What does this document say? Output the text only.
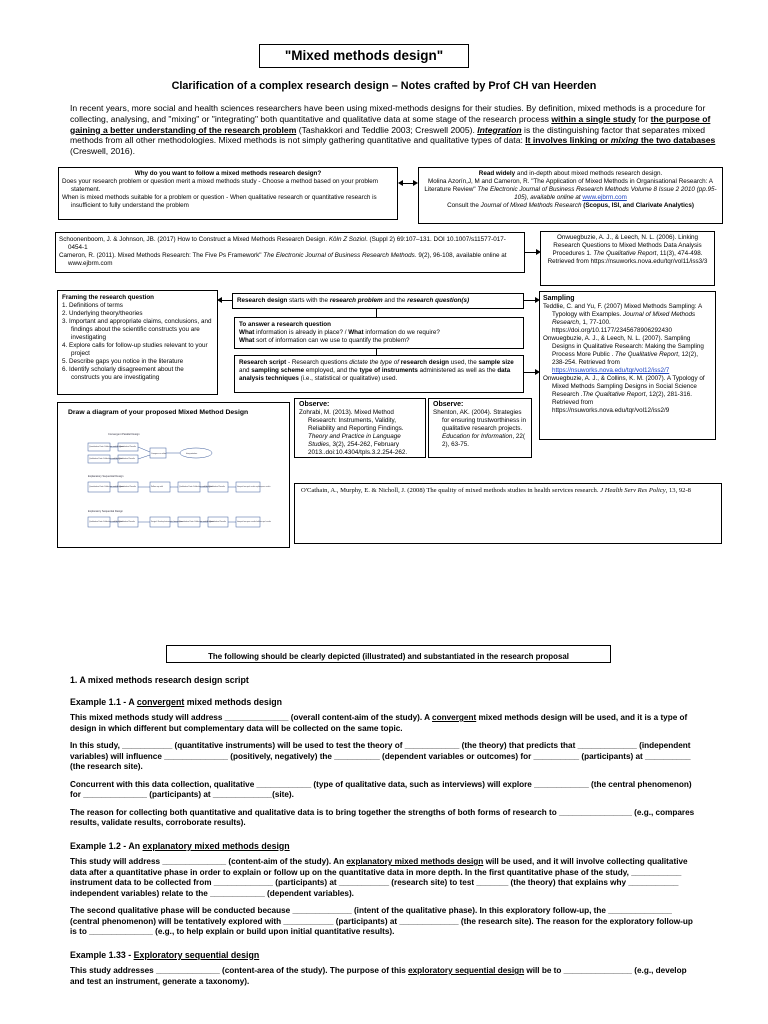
"Mixed methods design"
Clarification of a complex research design – Notes crafted by Prof CH van Heerden
In recent years, more social and health sciences researchers have been using mixed-methods designs for their studies. By definition, mixed methods is a procedure for collecting, analysing, and "mixing" or "integrating" both quantitative and qualitative data at some stage of the research process within a single study for the purpose of gaining a better understanding of the research problem (Tashakkori and Teddlie 2003; Creswell 2005). Integration is the distinguishing factor that separates mixed methods from all other methodologies. Mixed methods is not simply gathering quantitative and qualitative types of data: It involves linking or mixing the two databases (Creswell, 2016).
Why do you want to follow a mixed methods research design?

Does your research problem or question merit a mixed methods study - Choose a method based on your problem statement.

When is mixed methods suitable for a problem or question - When qualitative research or quantitative research is insufficient to fully understand the problem

Read widely and in-depth about mixed methods research design.

Molina Azorín,J, M and Cameron, R. "The Application of Mixed Methods in Organisational Research: A Literature Review" The Electronic Journal of Business Research Methods Volume 8 Issue 2 2010 (pp.95-105), available online at www.ejbrm.com

Consult the Journal of Mixed Methods Research (Scopus, ISI, and Clarivate Analytics)

Schoonenboom, J. & Johnson, JB. (2017) How to Construct a Mixed Methods Research Design. Köln Z Soziol. (Suppl 2) 69:107–131. DOI 10.1007/s11577-017-0454-1

Cameron, R. (2011). Mixed Methods Research: The Five Ps Framework" The Electronic Journal of Business Research Methods. 9(2), 96-108, available online at www.ejbrm.com

Onwuegbuzie, A. J., & Leech, N. L. (2006). Linking Research Questions to Mixed Methods Data Analysis Procedures 1. The Qualitative Report, 11(3), 474-498. Retrieved from https://nsuworks.nova.edu/tqr/vol11/iss3/3
Framing the research question

1. Definitions of terms

2. Underlying theory/theories

3. Important and appropriate claims, conclusions, and findings about the scientific constructs you are investigating

4. Explore calls for follow-up studies relevant to your project

5. Describe gaps you notice in the literature

6. Identify scholarly disagreement about the constructs you are investigating

Research design starts with the research problem and the research question(s)
To answer a research question

What information is already in place? / What information do we require?

What sort of information can we use to quantify the problem?

Research script - Research questions dictate the type of research design used, the sample size and sampling scheme employed, and the type of instruments administered as well as the data analysis techniques (i.e., statistical or qualitative) used.
Sampling

Teddlie, C. and Yu, F. (2007) Mixed Methods Sampling: A Typology with Examples. Journal of Mixed Methods Research, 1, 77-100. https://doi.org/10.1177/2345678906292430

Onwuegbuzie, A. J., & Leech, N. L. (2007). Sampling Designs in Qualitative Research: Making the Sampling Process More Public . The Qualitative Report, 12(2), 238-254. Retrieved from https://nsuworks.nova.edu/tqr/vol12/iss2/7

Onwuegbuzie, A. J., & Collins, K. M. (2007). A Typology of Mixed Methods Sampling Designs in Social Science Research .The Qualitative Report, 12(2), 281-316. Retrieved from https://nsuworks.nova.edu/tqr/vol12/iss2/9

Draw a diagram of your proposed Mixed Method Design
Convergent Parallel Design
Explanatory Sequential Design
Exploratory Sequential Design
Quantitative Data Collection and Analysis
Qualitative Data Collection and Analysis
Quantitative Results
Qualitative Results
Compare or relate	Interpretation
Quantitative Data Collection and Analysis
Quantitative Results	Follow up with	Qualitative Data Collection and Analysis
Qualitative Results	Interpret how qual. results explain quan. results
Qualitative Data Collection and Analysis
Qualitative Results	Design & Develop Instruments, Interventions
Quantitative Data Collection and Analysis
Quantitative Results	Interpret how quan. results build on qual. results
Observe:

Zohrabi, M. (2013). Mixed Method Research: Instruments, Validity, Reliability and Reporting Findings. Theory and Practice in Language Studies, 3(2), 254-262, February 2013..doi:10.4304/tpls.3.2.254-262.

Observe:

Shenton, AK. (2004). Strategies for ensuring trustworthiness in qualitative research projects. Education for Information, 22( 2), 63-75.

O'Cathain, A., Murphy, E. & Nicholl, J. (2008) The quality of mixed methods studies in health services research. J Health Serv Res Policy, 13, 92-8
The following should be clearly depicted (illustrated) and substantiated in the research proposal
1. A mixed methods research design script
Example 1.1 - A convergent mixed methods design

This mixed methods study will address ______________ (overall content-aim of the study). A convergent mixed methods design will be used, and it is a type of design in which different but complementary data will be collected on the same topic.

In this study, ___________ (quantitative instruments) will be used to test the theory of ____________ (the theory) that predicts that _____________ (independent variables) will influence ______________ (positively, negatively) the __________ (dependent variables or outcomes) for __________ (participants) at __________ (the research site).

Concurrent with this data collection, qualitative ____________ (type of qualitative data, such as interviews) will explore ____________ (the central phenomenon) for ______________ (participants) at _____________(site).

The reason for collecting both quantitative and qualitative data is to bring together the strengths of both forms of research to ________________ (e.g., compares results, validate results, corroborate results).

Example 1.2 - An explanatory mixed methods design

This study will address ______________ (content-aim of the study). An explanatory mixed methods design will be used, and it will involve collecting qualitative data after a quantitative phase in order to explain or follow up on the quantitative data in more depth. In the first quantitative phase of the study, ___________ instrument data to be collected from _____________ (participants) at ___________ (research site) to test _______ (the theory) that explains why ___________ independent variables) relate to the ____________ (dependent variables).

The second qualitative phase will be conducted because _____________ (intent of the qualitative phase). In this exploratory follow-up, the ______________ (central phenomenon) will be tentatively explored with ___________ (participants) at _____________ (the research site). The reason for the exploratory follow-up is to ______________ (e.g., to help explain or build upon initial quantitative results).

Example 1.33 - Exploratory sequential design

This study addresses ______________ (content-area of the study). The purpose of this exploratory sequential design will be to _______________ (e.g., develop and test an instrument, generate a taxonomy).
